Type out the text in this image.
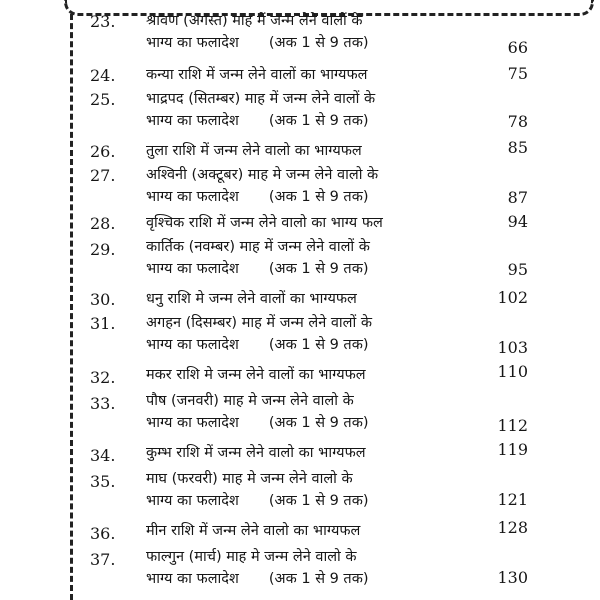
23.	श्रावण (अगस्त) माह में जन्म लेने वालों के
भाग्य का फलादेश (अक 1 से 9 तक)	66
24.	कन्या राशि में जन्म लेने वालों का भाग्यफल	75
25.	भाद्रपद (सितम्बर) माह में जन्म लेने वालों के
भाग्य का फलादेश (अक 1 से 9 तक)	78
26.	तुला राशि में जन्म लेने वालो का भाग्यफल	85
27.	अश्विनी (अक्टूबर) माह मे जन्म लेने वालो के
भाग्य का फलादेश (अक 1 से 9 तक)	87
28.	वृश्चिक राशि में जन्म लेने वालो का भाग्य फल	94
29.	कार्तिक (नवम्बर) माह में जन्म लेने वालों के
भाग्य का फलादेश (अक 1 से 9 तक)	95
30.	धनु राशि मे जन्म लेने वालों का भाग्यफल	102
31.	अगहन (दिसम्बर) माह में जन्म लेने वालों के
भाग्य का फलादेश (अक 1 से 9 तक)	103
32.	मकर राशि मे जन्म लेने वालों का भाग्यफल	110
33.	पौष (जनवरी) माह मे जन्म लेने वालो के
भाग्य का फलादेश (अक 1 से 9 तक)	112
34.	कुम्भ राशि में जन्म लेने वालो का भाग्यफल	119
35.	माघ (फरवरी) माह मे जन्म लेने वालो के
भाग्य का फलादेश (अक 1 से 9 तक)	121
36.	मीन राशि में जन्म लेने वालो का भाग्यफल	128
37.	फाल्गुन (मार्च) माह मे जन्म लेने वालो के
भाग्य का फलादेश (अक 1 से 9 तक)	130
